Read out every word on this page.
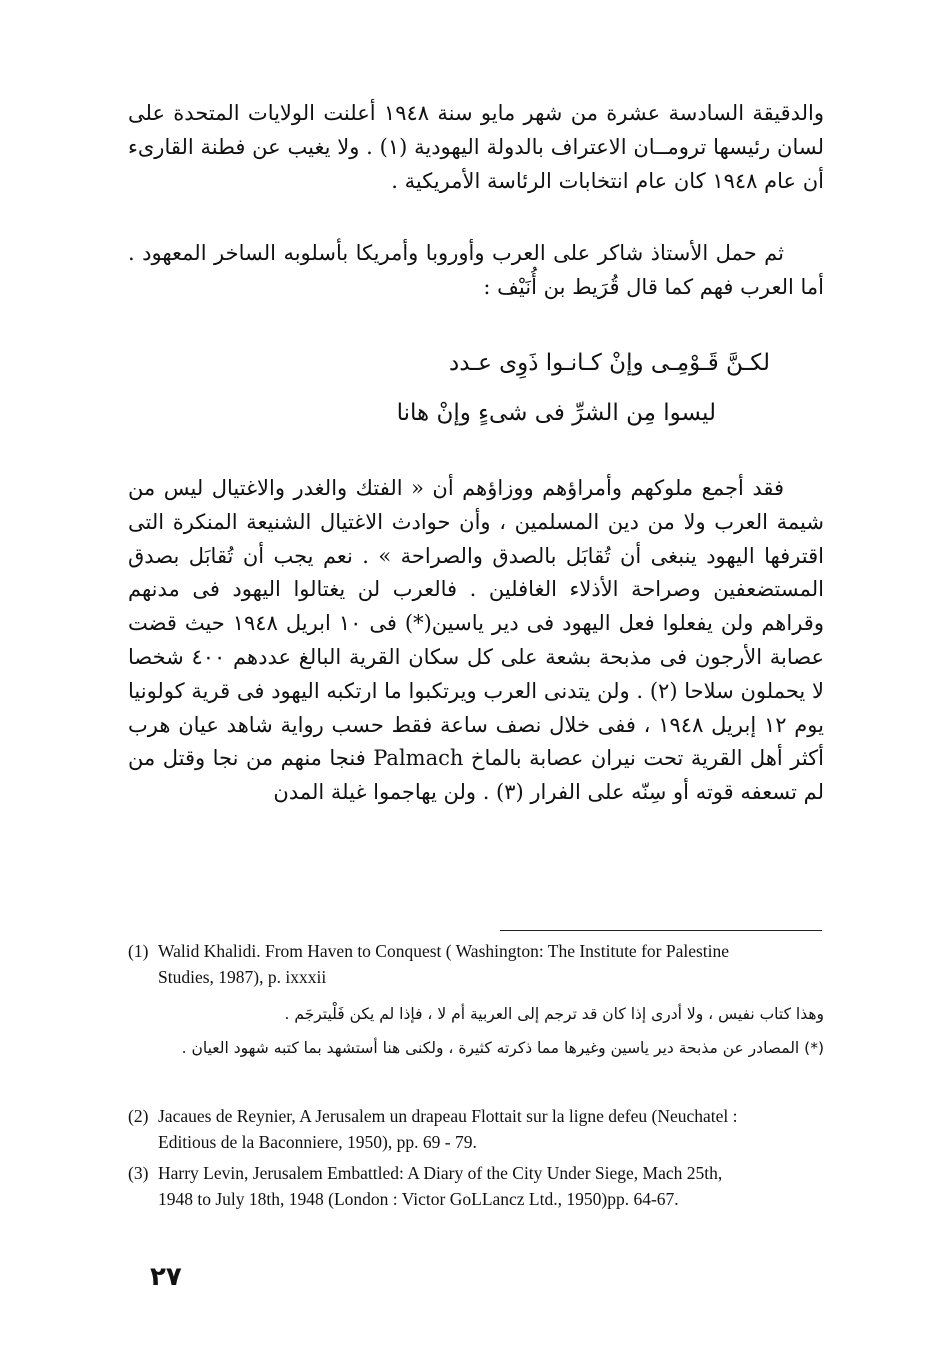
والدقيقة السادسة عشرة من شهر مايو سنة ١٩٤٨ أعلنت الولايات المتحدة على لسان رئيسها ترومــان الاعتراف بالدولة اليهودية (١) . ولا يغيب عن فطنة القارىء أن عام ١٩٤٨ كان عام انتخابات الرئاسة الأمريكية .

ثم حمل الأستاذ شاكر على العرب وأوروبا وأمريكا بأسلوبه الساخر المعهود . أما العرب فهم كما قال قُرَيط بن أُنَيْف :

لكـنَّ قَـوْمِـى وإنْ كـانـوا ذَوِى عـدد
ليسوا مِن الشرِّ فى شىءٍ وإنْ هانا

فقد أجمع ملوكهم وأمراؤهم ووزاؤهم أن « الفتك والغدر والاغتيال ليس من شيمة العرب ولا من دين المسلمين ، وأن حوادث الاغتيال الشنيعة المنكرة التى اقترفها اليهود ينبغى أن تُقابَل بالصدق والصراحة » . نعم يجب أن تُقابَل بصدق المستضعفين وصراحة الأذلاء الغافلين . فالعرب لن يغتالوا اليهود فى مدنهم وقراهم ولن يفعلوا فعل اليهود فى دير ياسين(*) فى ١٠ ابريل ١٩٤٨ حيث قضت عصابة الأرجون فى مذبحة بشعة على كل سكان القرية البالغ عددهم ٤٠٠ شخصا لا يحملون سلاحا (٢) . ولن يتدنى العرب ويرتكبوا ما ارتكبه اليهود فى قرية كولونيا يوم ١٢ إبريل ١٩٤٨ ، ففى خلال نصف ساعة فقط حسب رواية شاهد عيان هرب أكثر أهل القرية تحت نيران عصابة بالماخ Palmach فنجا منهم من نجا وقتل من لم تسعفه قوته أو سِنّه على الفرار (٣) . ولن يهاجموا غيلة المدن

(1) Walid Khalidi. From Haven to Conquest ( Washington: The Institute for Palestine
Studies, 1987), p. ixxxii
وهذا كتاب نفيس ، ولا أدرى إذا كان قد ترجم إلى العربية أم لا ، فإذا لم يكن فَلْيترجَم .
(*) المصادر عن مذبحة دير ياسين وغيرها مما ذكرته كثيرة ، ولكنى هنا أستشهد بما كتبه شهود العيان .
(2) Jacaues de Reynier, A Jerusalem un drapeau Flottait sur la ligne defeu (Neuchatel :
Editious de la Baconniere, 1950), pp. 69 - 79.
(3) Harry Levin, Jerusalem Embattled: A Diary of the City Under Siege, Mach 25th,
1948 to July 18th, 1948 (London : Victor GoLLancz Ltd., 1950)pp. 64-67.
٢٧
